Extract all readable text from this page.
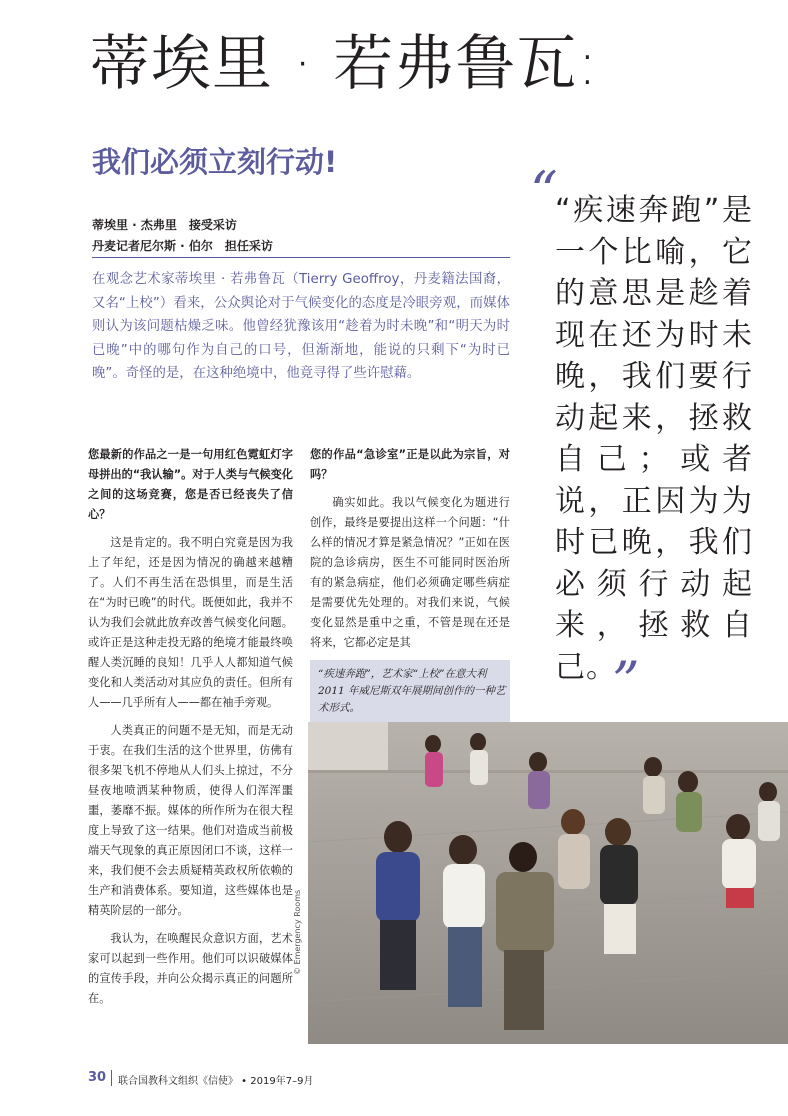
蒂埃里 · 若弗鲁瓦:
我们必须立刻行动!
蒂埃里 · 杰弗里　接受采访
丹麦记者尼尔斯 · 伯尔　担任采访
在观念艺术家蒂埃里 · 若弗鲁瓦（Tierry Geoffroy，丹麦籍法国裔，又名“上校”）看来，公众舆论对于气候变化的态度是冷眼旁观，而媒体则认为该问题枯燥乏味。他曾经犹豫该用“趁着为时未晚”和“明天为时已晚”中的哪句作为自己的口号，但渐渐地，能说的只剩下“为时已晚”。奇怪的是，在这种绝境中，他竟寻得了些许慰藉。
您最新的作品之一是一句用红色霓虹灯字母拼出的“我认输”。对于人类与气候变化之间的这场竞赛，您是否已经丧失了信心？

这是肯定的。我不明白究竟是因为我上了年纪，还是因为情况的确越来越糟了。人们不再生活在恐惧里，而是生活在“为时已晚”的时代。既便如此，我并不认为我们会就此放弃改善气候变化问题。或许正是这种走投无路的绝境才能最终唤醒人类沉睡的良知！几乎人人都知道气候变化和人类活动对其应负的责任。但所有人——几乎所有人——都在袖手旁观。

人类真正的问题不是无知，而是无动于衷。在我们生活的这个世界里，仿佛有很多架飞机不停地从人们头上掠过，不分昼夜地喷洒某种物质，使得人们浑浑噩噩，萎靡不振。媒体的所作所为在很大程度上导致了这一结果。他们对造成当前极端天气现象的真正原因闭口不谈，这样一来，我们便不会去质疑精英政权所依赖的生产和消费体系。要知道，这些媒体也是精英阶层的一部分。

我认为，在唤醒民众意识方面，艺术家可以起到一些作用。他们可以识破媒体的宣传手段，并向公众揭示真正的问题所在。

您的作品“急诊室”正是以此为宗旨，对吗？

确实如此。我以气候变化为题进行创作，最终是要提出这样一个问题：“什么样的情况才算是紧急情况？”正如在医院的急诊病房，医生不可能同时医治所有的紧急病症，他们必须确定哪些病症是需要优先处理的。对我们来说，气候变化显然是重中之重，不管是现在还是将来，它都必定是其

“
“疾速奔跑”是一个比喻，它的意思是趁着现在还为时未晚，我们要行动起来，拯救自己；或者说，正因为为时已晚，我们必须行动起来，拯救自己。
”
“疾速奔跑”，艺术家“上校”在意大利 2011 年威尼斯双年展期间创作的一种艺术形式。
© Emergency Rooms
30 联合国教科文组织《信使》 • 2019年7–9月
